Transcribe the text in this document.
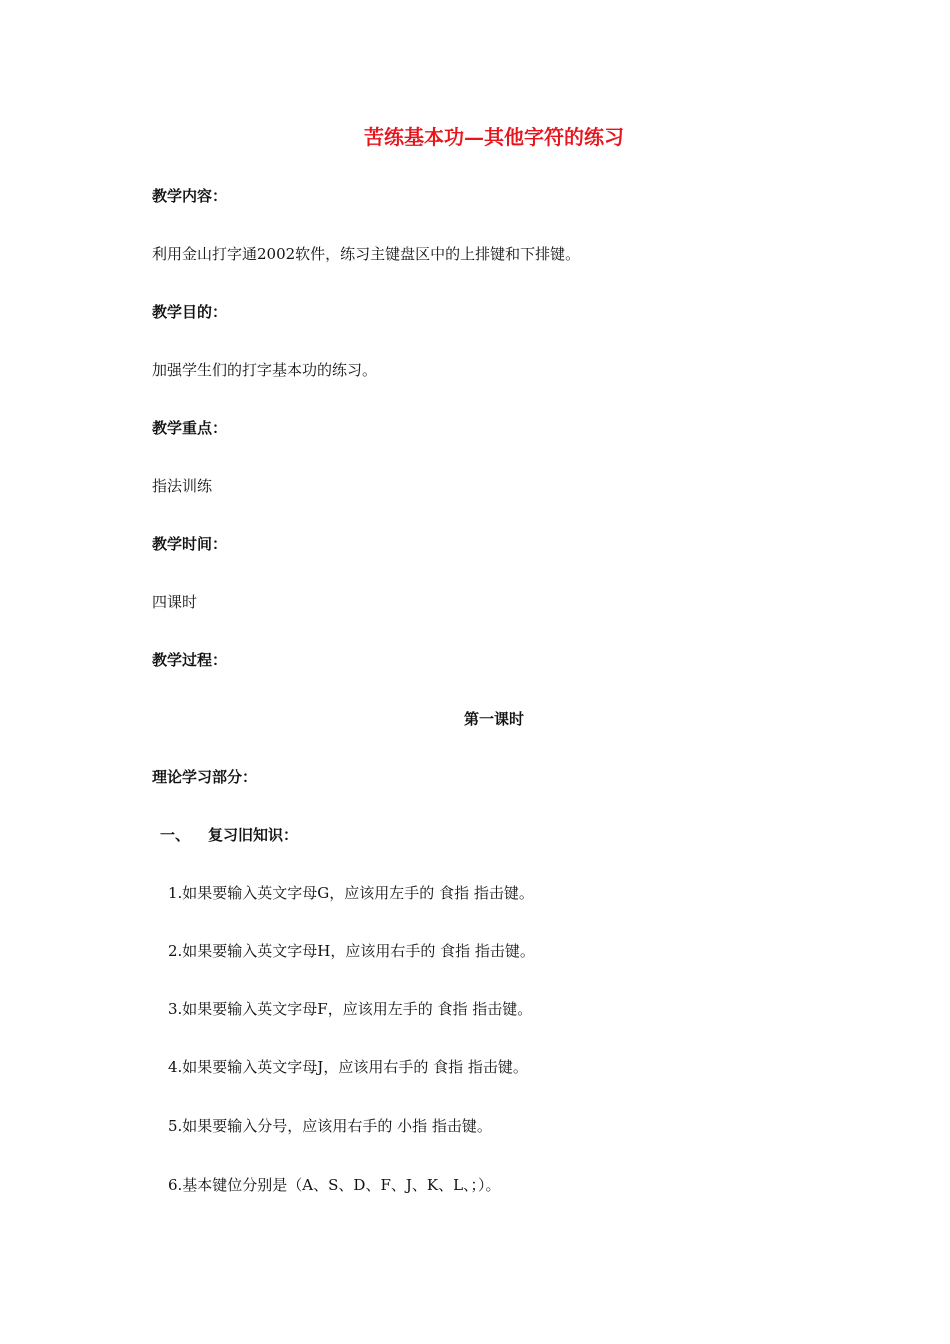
苦练基本功—其他字符的练习
教学内容：
利用金山打字通2002软件，练习主键盘区中的上排键和下排键。
教学目的：
加强学生们的打字基本功的练习。
教学重点：
指法训练
教学时间：
四课时
教学过程：
第一课时
理论学习部分：
一、 复习旧知识：
1.如果要输入英文字母G，应该用左手的 食指 指击键。
2.如果要输入英文字母H，应该用右手的 食指 指击键。
3.如果要输入英文字母F，应该用左手的 食指 指击键。
4.如果要输入英文字母J，应该用右手的 食指 指击键。
5.如果要输入分号，应该用右手的 小指 指击键。
6.基本键位分别是（A、S、D、F、J、K、L、；）。
